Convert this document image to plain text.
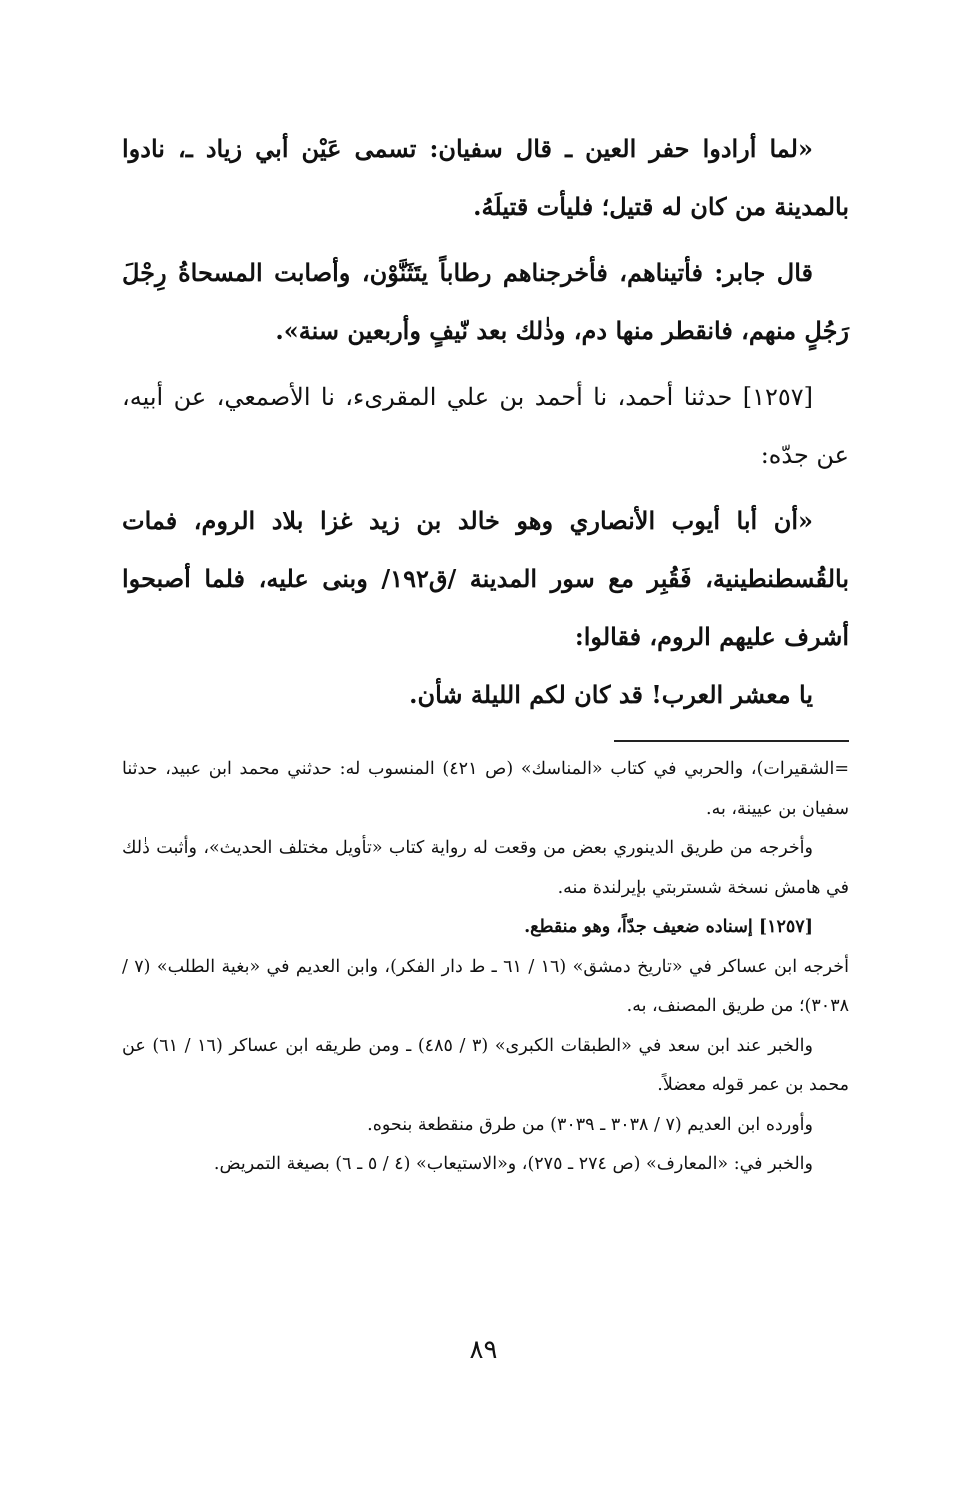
«لما أرادوا حفر العين ـ قال سفيان: تسمى عَيْن أبي زياد ـ، نادوا بالمدينة من كان له قتيل؛ فليأت قتيلَهُ.

قال جابر: فأتيناهم، فأخرجناهم رطاباً يتَثَنَّوْن، وأصابت المسحاةُ رِجْلَ رَجُلٍ منهم، فانقطر منها دم، وذٰلك بعد نّيفٍ وأربعين سنة».

[١٢٥٧] حدثنا أحمد، نا أحمد بن علي المقرىء، نا الأصمعي، عن أبيه، عن جدّه:

«أن أبا أيوب الأنصاري وهو خالد بن زيد غزا بلاد الروم، فمات بالقُسطنطينية، فَقُبِر مع سور المدينة /ق١٩٢/ وبنى عليه، فلما أصبحوا أشرف عليهم الروم، فقالوا:

يا معشر العرب! قد كان لكم الليلة شأن.

=الشقيرات)، والحربي في كتاب «المناسك» (ص ٤٢١) المنسوب له: حدثني محمد ابن عبيد، حدثنا سفيان بن عيينة، به.

وأخرجه من طريق الدينوري بعض من وقعت له رواية كتاب «تأويل مختلف الحديث»، وأثبت ذٰلك في هامش نسخة شستربتي بإيرلندة منه.

[١٢٥٧] إسناده ضعيف جدّاً، وهو منقطع.

أخرجه ابن عساكر في «تاريخ دمشق» (١٦ / ٦١ ـ ط دار الفكر)، وابن العديم في «بغية الطلب» (٧ / ٣٠٣٨)؛ من طريق المصنف، به.

والخبر عند ابن سعد في «الطبقات الكبرى» (٣ / ٤٨٥) ـ ومن طريقه ابن عساكر (١٦ / ٦١) عن محمد بن عمر قوله معضلاً.

وأورده ابن العديم (٧ / ٣٠٣٨ ـ ٣٠٣٩) من طرق منقطعة بنحوه.

والخبر في: «المعارف» (ص ٢٧٤ ـ ٢٧٥)، و«الاستيعاب» (٤ / ٥ ـ ٦) بصيغة التمريض.

٨٩
